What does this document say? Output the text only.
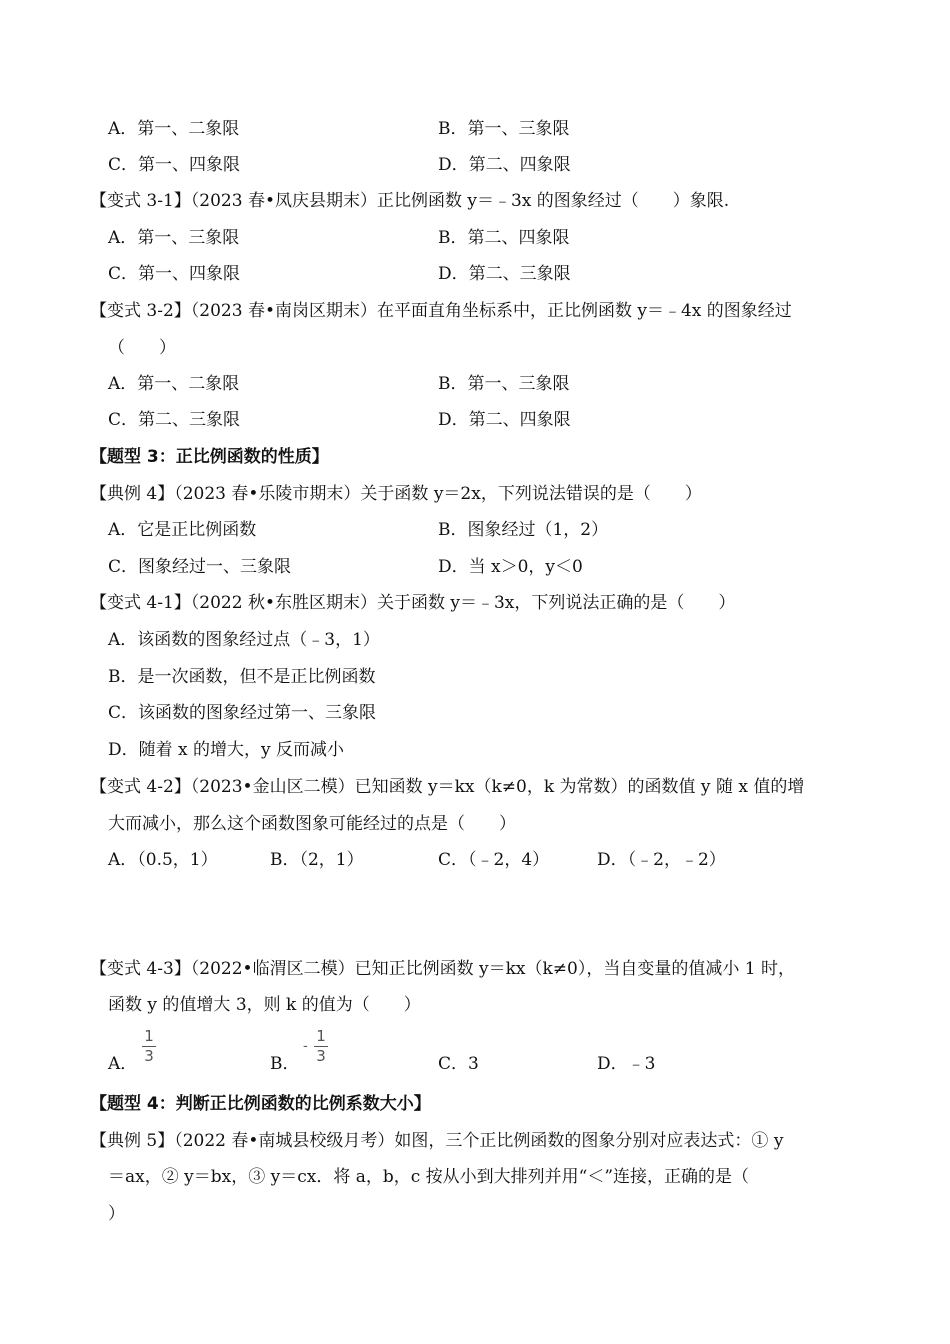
A．第一、二象限	B．第一、三象限
C．第一、四象限	D．第二、四象限
【变式 3-1】（2023 春•凤庆县期末）正比例函数 y＝﹣3x 的图象经过（　　）象限.
A．第一、三象限	B．第二、四象限
C．第一、四象限	D．第二、三象限
【变式 3-2】（2023 春•南岗区期末）在平面直角坐标系中，正比例函数 y＝﹣4x 的图象经过
（　　）
A．第一、二象限	B．第一、三象限
C．第二、三象限	D．第二、四象限
【题型 3：正比例函数的性质】
【典例 4】（2023 春•乐陵市期末）关于函数 y＝2x，下列说法错误的是（　　）
A．它是正比例函数	B．图象经过（1，2）
C．图象经过一、三象限	D．当 x＞0，y＜0
【变式 4-1】（2022 秋•东胜区期末）关于函数 y＝﹣3x，下列说法正确的是（　　）
A．该函数的图象经过点（﹣3，1）
B．是一次函数，但不是正比例函数
C．该函数的图象经过第一、三象限
D．随着 x 的增大，y 反而减小
【变式 4-2】（2023•金山区二模）已知函数 y＝kx（k≠0，k 为常数）的函数值 y 随 x 值的增
大而减小，那么这个函数图象可能经过的点是（　　）
A．（0.5，1）	B．（2，1）	C．（﹣2，4）	D．（﹣2，﹣2）
【变式 4-3】（2022•临渭区二模）已知正比例函数 y＝kx（k≠0），当自变量的值减小 1 时，
函数 y 的值增大 3，则 k 的值为（　　）
A．
1
3	B．
-
1
3	C．3	D．﹣3
【题型 4：判断正比例函数的比例系数大小】
【典例 5】（2022 春•南城县校级月考）如图，三个正比例函数的图象分别对应表达式：① y
＝ax，② y＝bx，③ y＝cx．将 a，b，c 按从小到大排列并用“＜”连接，正确的是（
）
